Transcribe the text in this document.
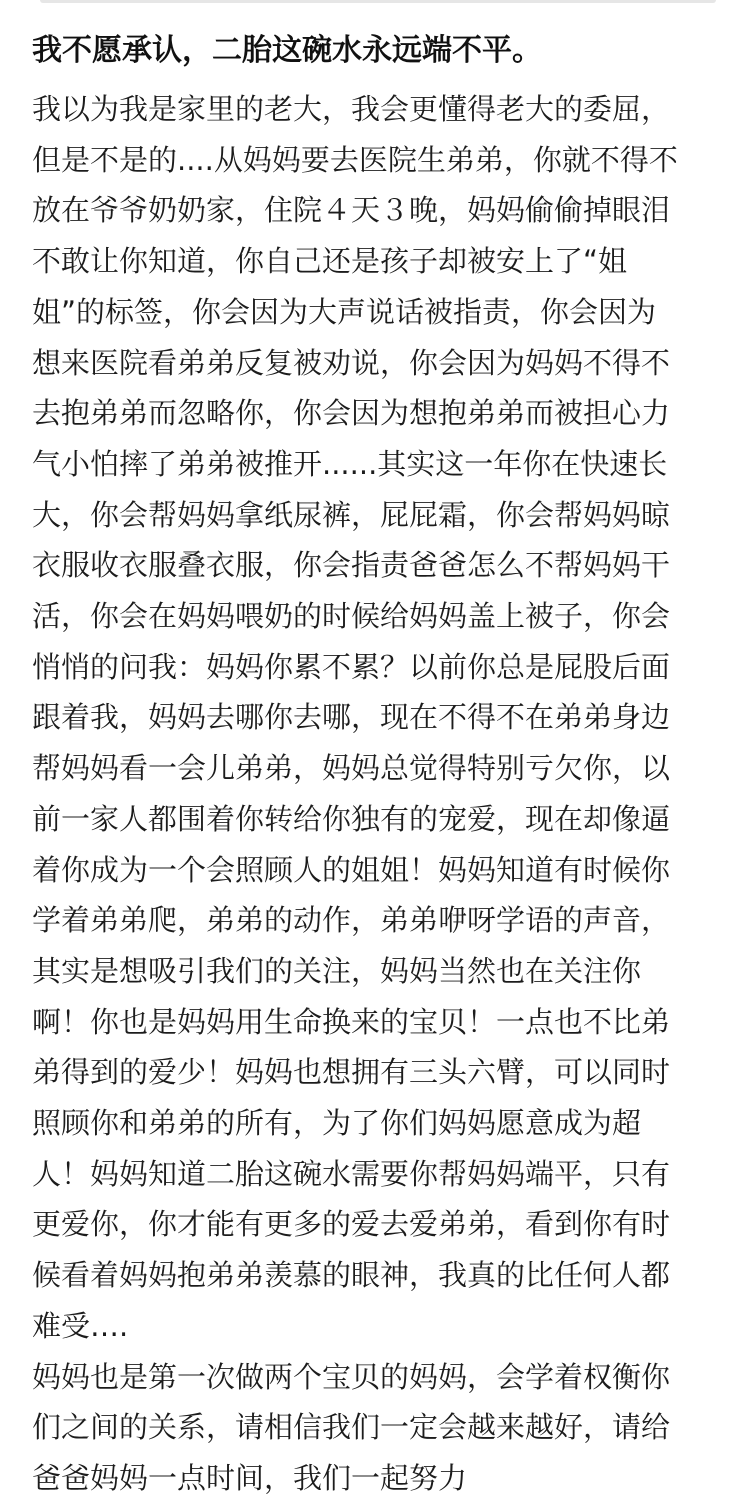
我不愿承认，二胎这碗水永远端不平。
我以为我是家里的老大，我会更懂得老大的委屈，
但是不是的....从妈妈要去医院生弟弟，你就不得不
放在爷爷奶奶家，住院４天３晚，妈妈偷偷掉眼泪
不敢让你知道，你自己还是孩子却被安上了“姐
姐”的标签，你会因为大声说话被指责，你会因为
想来医院看弟弟反复被劝说，你会因为妈妈不得不
去抱弟弟而忽略你，你会因为想抱弟弟而被担心力
气小怕摔了弟弟被推开......其实这一年你在快速长
大，你会帮妈妈拿纸尿裤，屁屁霜，你会帮妈妈晾
衣服收衣服叠衣服，你会指责爸爸怎么不帮妈妈干
活，你会在妈妈喂奶的时候给妈妈盖上被子，你会
悄悄的问我：妈妈你累不累？以前你总是屁股后面
跟着我，妈妈去哪你去哪，现在不得不在弟弟身边
帮妈妈看一会儿弟弟，妈妈总觉得特别亏欠你，以
前一家人都围着你转给你独有的宠爱，现在却像逼
着你成为一个会照顾人的姐姐！妈妈知道有时候你
学着弟弟爬，弟弟的动作，弟弟咿呀学语的声音，
其实是想吸引我们的关注，妈妈当然也在关注你
啊！你也是妈妈用生命换来的宝贝！一点也不比弟
弟得到的爱少！妈妈也想拥有三头六臂，可以同时
照顾你和弟弟的所有，为了你们妈妈愿意成为超
人！妈妈知道二胎这碗水需要你帮妈妈端平，只有
更爱你，你才能有更多的爱去爱弟弟，看到你有时
候看着妈妈抱弟弟羡慕的眼神，我真的比任何人都
难受….
妈妈也是第一次做两个宝贝的妈妈，会学着权衡你
们之间的关系，请相信我们一定会越来越好，请给
爸爸妈妈一点时间，我们一起努力
